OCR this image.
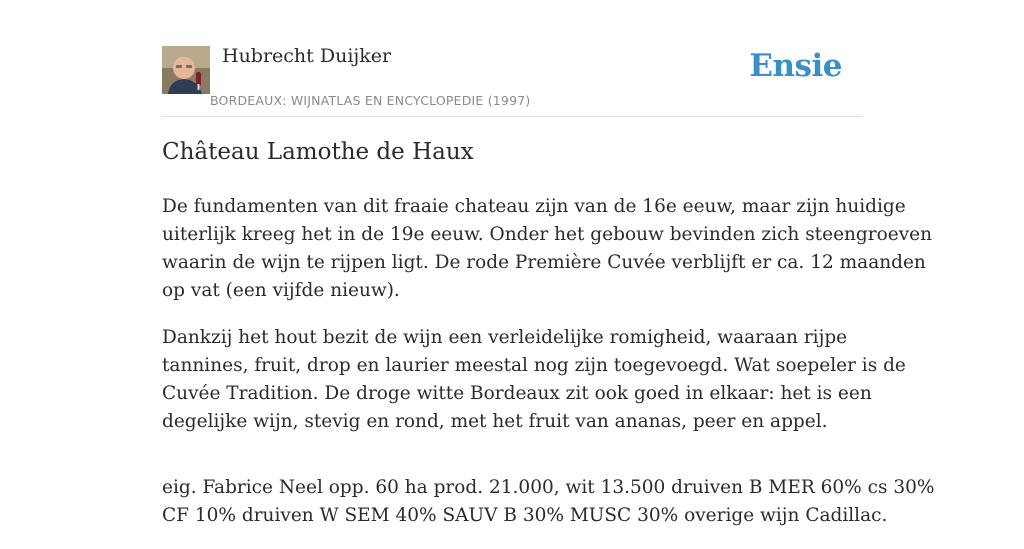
Hubrecht Duijker
BORDEAUX: WIJNATLAS EN ENCYCLOPEDIE (1997)
Ensie
Château Lamothe de Haux

De fundamenten van dit fraaie chateau zijn van de 16e eeuw, maar zijn huidige
uiterlijk kreeg het in de 19e eeuw. Onder het gebouw bevinden zich steengroeven
waarin de wijn te rijpen ligt. De rode Première Cuvée verblijft er ca. 12 maanden
op vat (een vijfde nieuw).

Dankzij het hout bezit de wijn een verleidelijke romigheid, waaraan rijpe
tannines, fruit, drop en laurier meestal nog zijn toegevoegd. Wat soepeler is de
Cuvée Tradition. De droge witte Bordeaux zit ook goed in elkaar: het is een
degelijke wijn, stevig en rond, met het fruit van ananas, peer en appel.

eig. Fabrice Neel opp. 60 ha prod. 21.000, wit 13.500 druiven B MER 60% cs 30%
CF 10% druiven W SEM 40% SAUV B 30% MUSC 30% overige wijn Cadillac.
